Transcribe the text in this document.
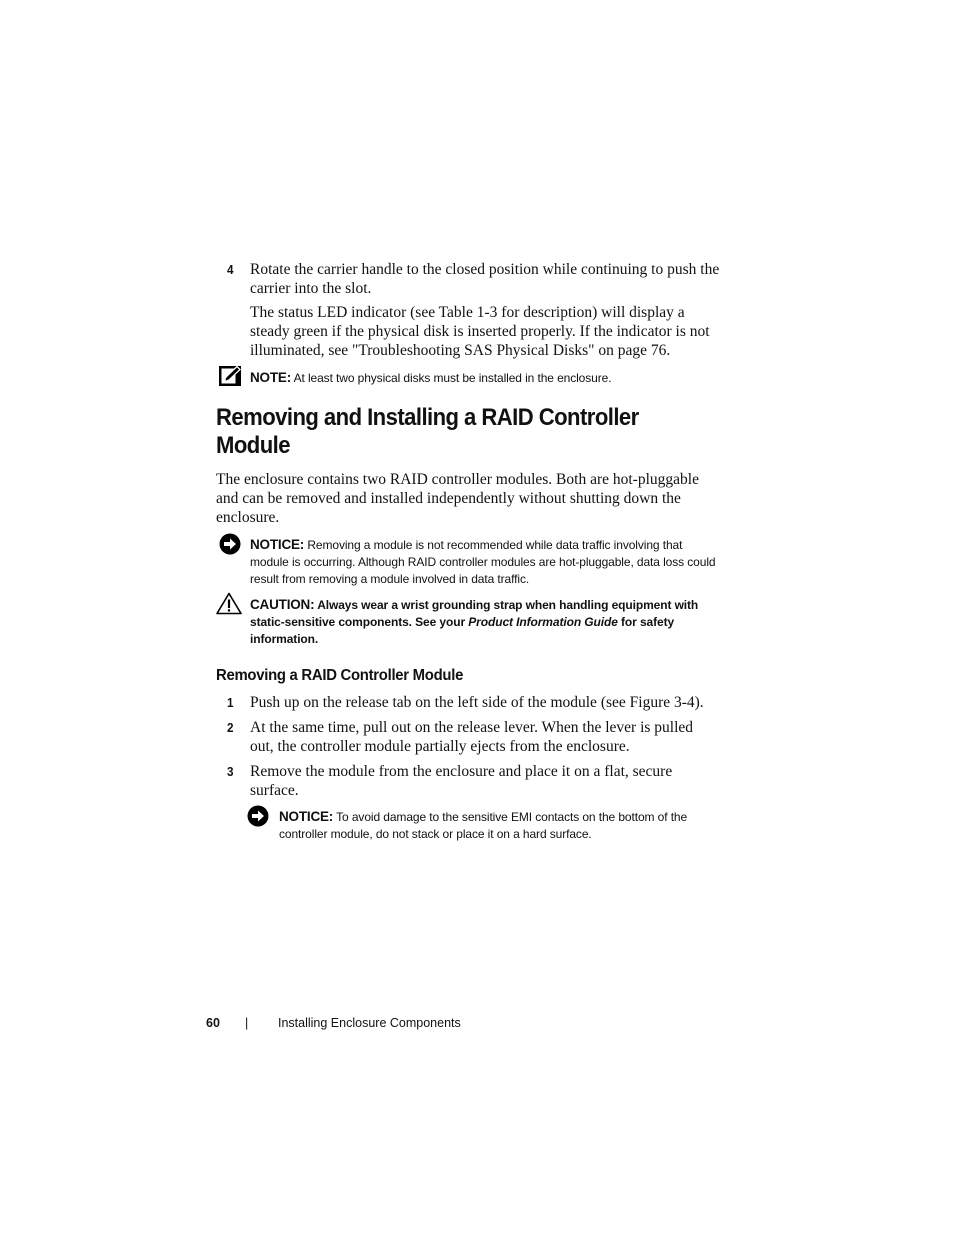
4 Rotate the carrier handle to the closed position while continuing to push the carrier into the slot.
The status LED indicator (see Table 1-3 for description) will display a steady green if the physical disk is inserted properly. If the indicator is not illuminated, see "Troubleshooting SAS Physical Disks" on page 76.
NOTE: At least two physical disks must be installed in the enclosure.
Removing and Installing a RAID Controller Module
The enclosure contains two RAID controller modules. Both are hot-pluggable and can be removed and installed independently without shutting down the enclosure.
NOTICE: Removing a module is not recommended while data traffic involving that module is occurring. Although RAID controller modules are hot-pluggable, data loss could result from removing a module involved in data traffic.
CAUTION: Always wear a wrist grounding strap when handling equipment with static-sensitive components. See your Product Information Guide for safety information.
Removing a RAID Controller Module
1 Push up on the release tab on the left side of the module (see Figure 3-4).
2 At the same time, pull out on the release lever. When the lever is pulled out, the controller module partially ejects from the enclosure.
3 Remove the module from the enclosure and place it on a flat, secure surface.
NOTICE: To avoid damage to the sensitive EMI contacts on the bottom of the controller module, do not stack or place it on a hard surface.
60 | Installing Enclosure Components
